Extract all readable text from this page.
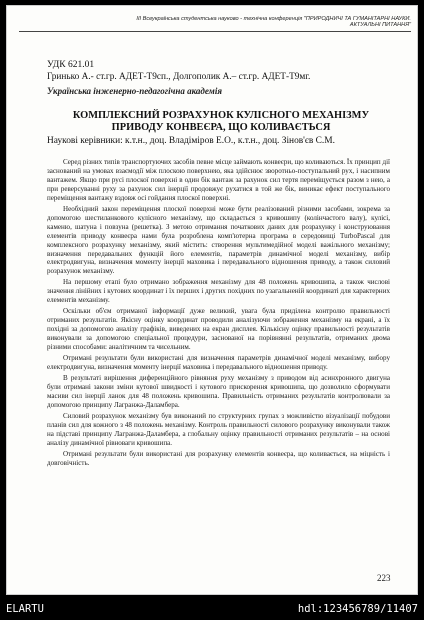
ІІІ Всеукраїнська студентська науково - технічна конференція "ПРИРОДНИЧІ ТА ГУМАНІТАРНІ НАУКИ. АКТУАЛЬНІ ПИТАННЯ"
УДК 621.01
Гринько А.- ст.гр. АДЕТ-Т9сп., Долгополик А.– ст.гр. АДЕТ-Т9мг.
Українська інженерно-педагогічна академія
КОМПЛЕКСНИЙ РОЗРАХУНОК КУЛІСНОГО МЕХАНІЗМУ ПРИВОДУ КОНВЕЄРА, ЩО КОЛИВАЄТЬСЯ
Наукові керівники: к.т.н., доц. Владіміров Е.О., к.т.н., доц. Зінов'єв С.М.

Серед різних типів транспортуючих засобів певне місце займають конвеєри, що коливаються. Їх принцип дії заснований на умовах взаємодії між плоскою поверхнею, яка здійснює зворотньо-поступальний рух, і насипним вантажем. Якщо при русі плоскої поверхні в один бік вантаж за рахунок сил тертя переміщується разом з нею, а при реверсуванні руху за рахунок сил інерції продовжує рухатися в той же бік, виникає ефект поступального переміщення вантажу вздовж осі гойдання плоскої поверхні.

Необхідний закон переміщення плоскої поверхні може бути реалізований різними засобами, зокрема за допомогою шестиланкового кулісного механізму, що складається з кривошипу (колінчастого валу), кулісі, каменю, шатуна і повзуна (решетка). З метою отримання початкових даних для розрахунку і конструювання елементів приводу конвеєра нами була розроблена комп'ютерна програма в середовищі TurboPascal для комплексного розрахунку механізму, який містить: створення мультимедійної моделі важільного механізму; визначення передавальних функцій його елементів, параметрів динамічної моделі механізму, вибір електродвигуна, визначення моменту інерції маховика і передавального відношення приводу, а також силовий розрахунок механізму.

На першому етапі було отримано зображення механізму для 48 положень кривошипа, а також числові значення лінійних і кутових координат і їх перших і других похідних по узагальненій координаті для характерних елементів механізму.

Оскільки об'єм отриманої інформації дуже великий, увага була приділена контролю правильності отриманих результатів. Якісну оцінку координат проводили аналізуючи зображення механізму на екрані, а їх похідні за допомогою аналізу графіків, виведених на екран дисплея. Кількісну оцінку правильності результатів виконували за допомогою спеціальної процедури, заснованої на порівнянні результатів, отриманих двома різними способами: аналітичним та чисельним.

Отримані результати були використані для визначення параметрів динамічної моделі механізму, вибору електродвигуна, визначення моменту інерції маховика і передавального відношення приводу.

В результаті вирішення диференційного рівняння руху механізму з приводом від асинхронного двигуна були отримані закони зміни кутової швидкості і кутового прискорення кривошипа, що дозволило сформувати масиви сил інерції ланок для 48 положень кривошипа. Правильність отриманих результатів контролювали за допомогою принципу Лагранжа-Даламбера.

Силовий розрахунок механізму був виконаний по структурних групах з можливістю візуалізації побудови планів сил для кожного з 48 положень механізму. Контроль правильності силового розрахунку виконували також на підставі принципу Лагранжа-Даламбера, а глобальну оцінку правильності отриманих результатів – на основі аналізу динамічної рівноваги кривошипа.

Отримані результати були використані для розрахунку елементів конвеєра, що коливається, на міцність і довговічність.

223
ELARTU	hdl:123456789/11407
